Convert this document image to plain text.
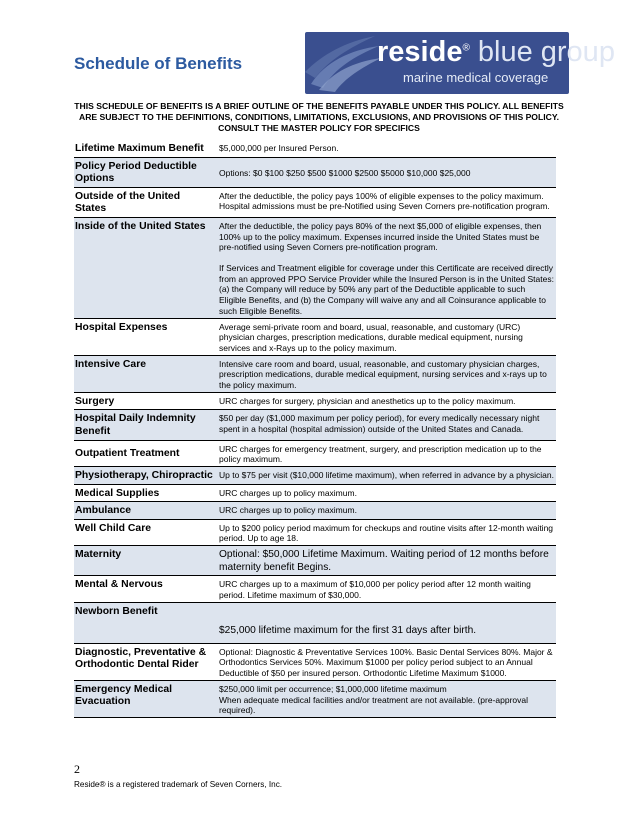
Schedule of Benefits	reside® blue group
marine medical coverage
THIS SCHEDULE OF BENEFITS IS A BRIEF OUTLINE OF THE BENEFITS PAYABLE UNDER THIS POLICY. ALL BENEFITS
ARE SUBJECT TO THE DEFINITIONS, CONDITIONS, LIMITATIONS, EXCLUSIONS, AND PROVISIONS OF THIS POLICY.
CONSULT THE MASTER POLICY FOR SPECIFICS
Lifetime Maximum Benefit	$5,000,000 per Insured Person.
Policy Period Deductible Options	Options: $0 $100 $250 $500 $1000 $2500 $5000 $10,000 $25,000
Outside of the United States	After the deductible, the policy pays 100% of eligible expenses to the policy maximum. Hospital admissions must be pre-Notified using Seven Corners pre-notification program.
Inside of the United States	After the deductible, the policy pays 80% of the next $5,000 of eligible expenses, then 100% up to the policy maximum. Expenses incurred inside the United States must be pre-notified using Seven Corners pre-notification program.
If Services and Treatment eligible for coverage under this Certificate are received directly from an approved PPO Service Provider while the Insured Person is in the United States: (a) the Company will reduce by 50% any part of the Deductible applicable to such Eligible Benefits, and (b) the Company will waive any and all Coinsurance applicable to such Eligible Benefits.

Hospital Expenses	Average semi-private room and board, usual, reasonable, and customary (URC) physician charges, prescription medications, durable medical equipment, nursing services and x-Rays up to the policy maximum.
Intensive Care	Intensive care room and board, usual, reasonable, and customary physician charges, prescription medications, durable medical equipment, nursing services and x-rays up to the policy maximum.
Surgery	URC charges for surgery, physician and anesthetics up to the policy maximum.
Hospital Daily Indemnity Benefit	$50 per day ($1,000 maximum per policy period), for every medically necessary night spent in a hospital (hospital admission) outside of the United States and Canada.
Outpatient Treatment	URC charges for emergency treatment, surgery, and prescription medication up to the policy maximum.
Physiotherapy, Chiropractic	Up to $75 per visit ($10,000 lifetime maximum), when referred in advance by a physician.
Medical Supplies	URC charges up to policy maximum.
Ambulance	URC charges up to policy maximum.
Well Child Care	Up to $200 policy period maximum for checkups and routine visits after 12-month waiting period. Up to age 18.
Maternity	Optional: $50,000 Lifetime Maximum. Waiting period of 12 months before maternity benefit Begins.
Mental & Nervous	URC charges up to a maximum of $10,000 per policy period after 12 month waiting period. Lifetime maximum of $30,000.
Newborn Benefit	$25,000 lifetime maximum for the first 31 days after birth.
Diagnostic, Preventative & Orthodontic Dental Rider	Optional: Diagnostic & Preventative Services 100%. Basic Dental Services 80%. Major & Orthodontics Services 50%. Maximum $1000 per policy period subject to an Annual Deductible of $50 per insured person. Orthodontic Lifetime Maximum $1000.
Emergency Medical Evacuation	$250,000 limit per occurrence; $1,000,000 lifetime maximum
When adequate medical facilities and/or treatment are not available. (pre-approval required).
2
Reside® is a registered trademark of Seven Corners, Inc.
